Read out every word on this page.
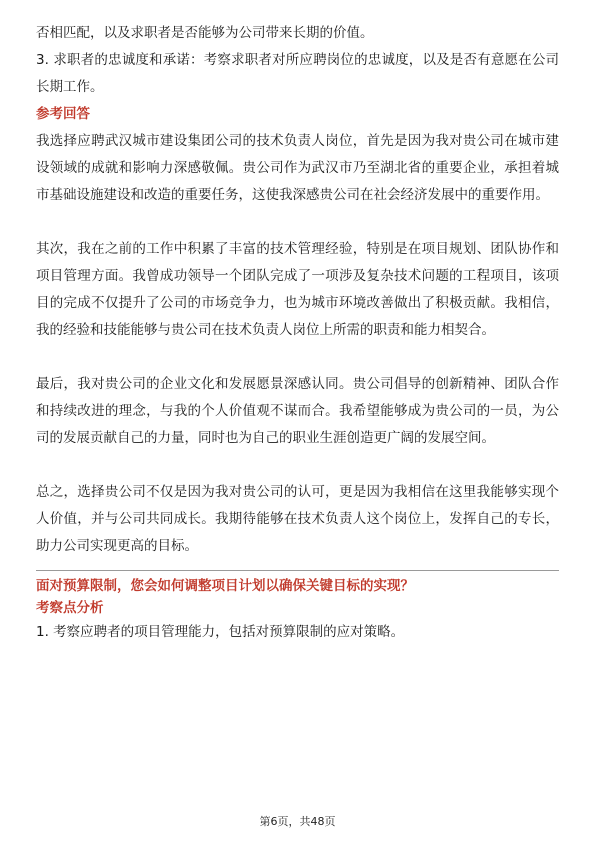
否相匹配，以及求职者是否能够为公司带来长期的价值。

3. 求职者的忠诚度和承诺：考察求职者对所应聘岗位的忠诚度，以及是否有意愿在公司长期工作。

参考回答

我选择应聘武汉城市建设集团公司的技术负责人岗位，首先是因为我对贵公司在城市建设领域的成就和影响力深感敬佩。贵公司作为武汉市乃至湖北省的重要企业，承担着城市基础设施建设和改造的重要任务，这使我深感贵公司在社会经济发展中的重要作用。

其次，我在之前的工作中积累了丰富的技术管理经验，特别是在项目规划、团队协作和项目管理方面。我曾成功领导一个团队完成了一项涉及复杂技术问题的工程项目，该项目的完成不仅提升了公司的市场竞争力，也为城市环境改善做出了积极贡献。我相信，我的经验和技能能够与贵公司在技术负责人岗位上所需的职责和能力相契合。

最后，我对贵公司的企业文化和发展愿景深感认同。贵公司倡导的创新精神、团队合作和持续改进的理念，与我的个人价值观不谋而合。我希望能够成为贵公司的一员，为公司的发展贡献自己的力量，同时也为自己的职业生涯创造更广阔的发展空间。

总之，选择贵公司不仅是因为我对贵公司的认可，更是因为我相信在这里我能够实现个人价值，并与公司共同成长。我期待能够在技术负责人这个岗位上，发挥自己的专长，助力公司实现更高的目标。

面对预算限制，您会如何调整项目计划以确保关键目标的实现？

考察点分析

1. 考察应聘者的项目管理能力，包括对预算限制的应对策略。

第6页，共48页
